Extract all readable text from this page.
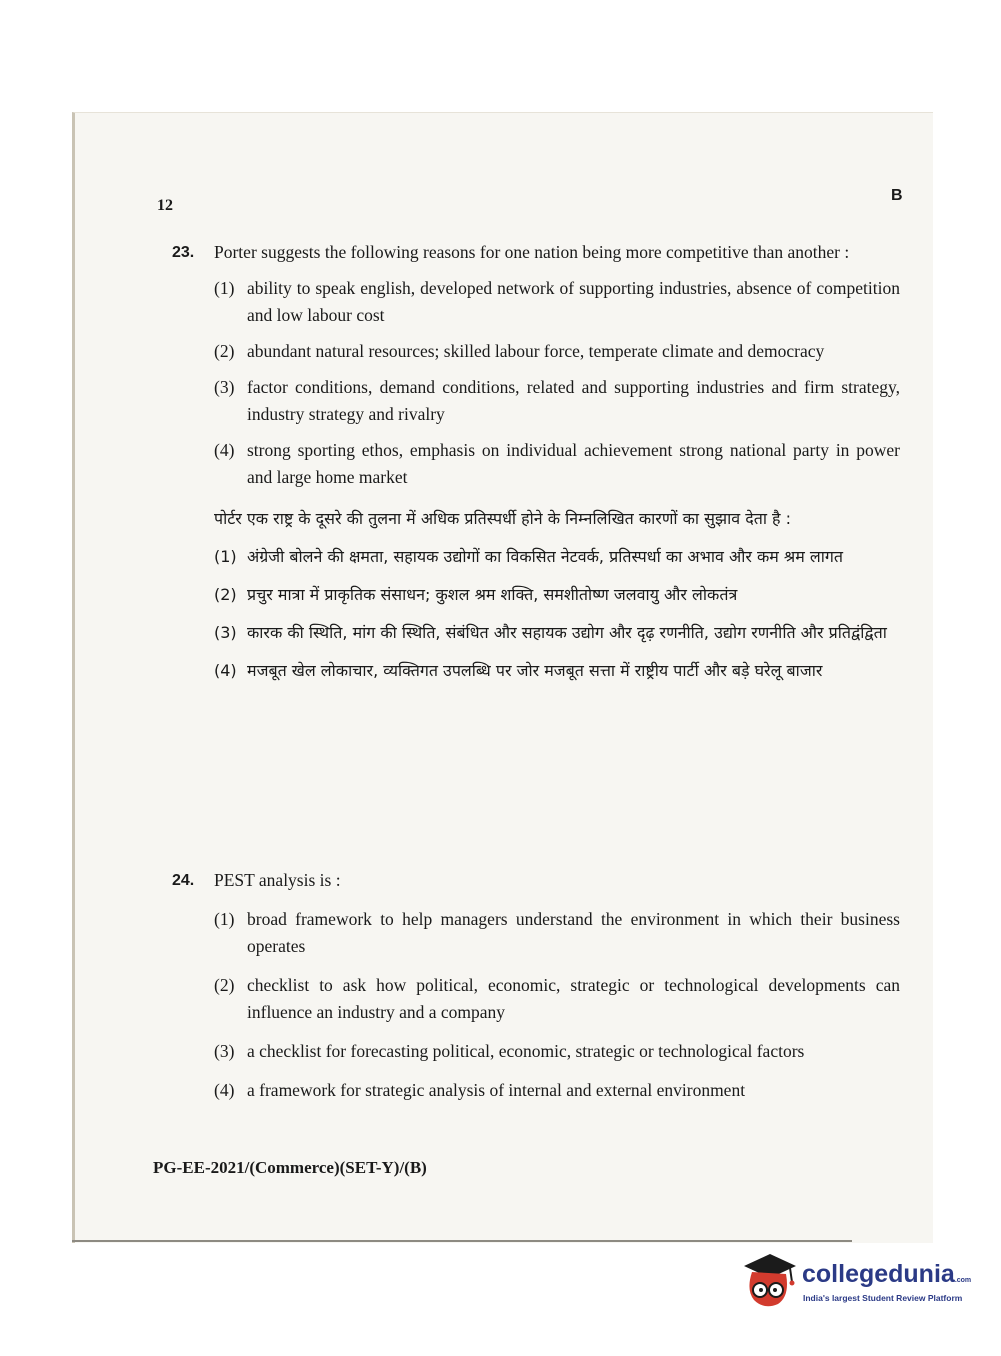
12
B
23. Porter suggests the following reasons for one nation being more competitive than another :
(1) ability to speak english, developed network of supporting industries, absence of competition and low labour cost
(2) abundant natural resources; skilled labour force, temperate climate and democracy
(3) factor conditions, demand conditions, related and supporting industries and firm strategy, industry strategy and rivalry
(4) strong sporting ethos, emphasis on individual achievement strong national party in power and large home market
पोर्टर एक राष्ट्र के दूसरे की तुलना में अधिक प्रतिस्पर्धी होने के निम्नलिखित कारणों का सुझाव देता है :
(1) अंग्रेजी बोलने की क्षमता, सहायक उद्योगों का विकसित नेटवर्क, प्रतिस्पर्धा का अभाव और कम श्रम लागत
(2) प्रचुर मात्रा में प्राकृतिक संसाधन; कुशल श्रम शक्ति, समशीतोष्ण जलवायु और लोकतंत्र
(3) कारक की स्थिति, मांग की स्थिति, संबंधित और सहायक उद्योग और दृढ़ रणनीति, उद्योग रणनीति और प्रतिद्वंद्विता
(4) मजबूत खेल लोकाचार, व्यक्तिगत उपलब्धि पर जोर मजबूत सत्ता में राष्ट्रीय पार्टी और बड़े घरेलू बाजार
24. PEST analysis is :
(1) broad framework to help managers understand the environment in which their business operates
(2) checklist to ask how political, economic, strategic or technological developments can influence an industry and a company
(3) a checklist for forecasting political, economic, strategic or technological factors
(4) a framework for strategic analysis of internal and external environment
PG-EE-2021/(Commerce)(SET-Y)/(B)
collegedunia.com
India's largest Student Review Platform
